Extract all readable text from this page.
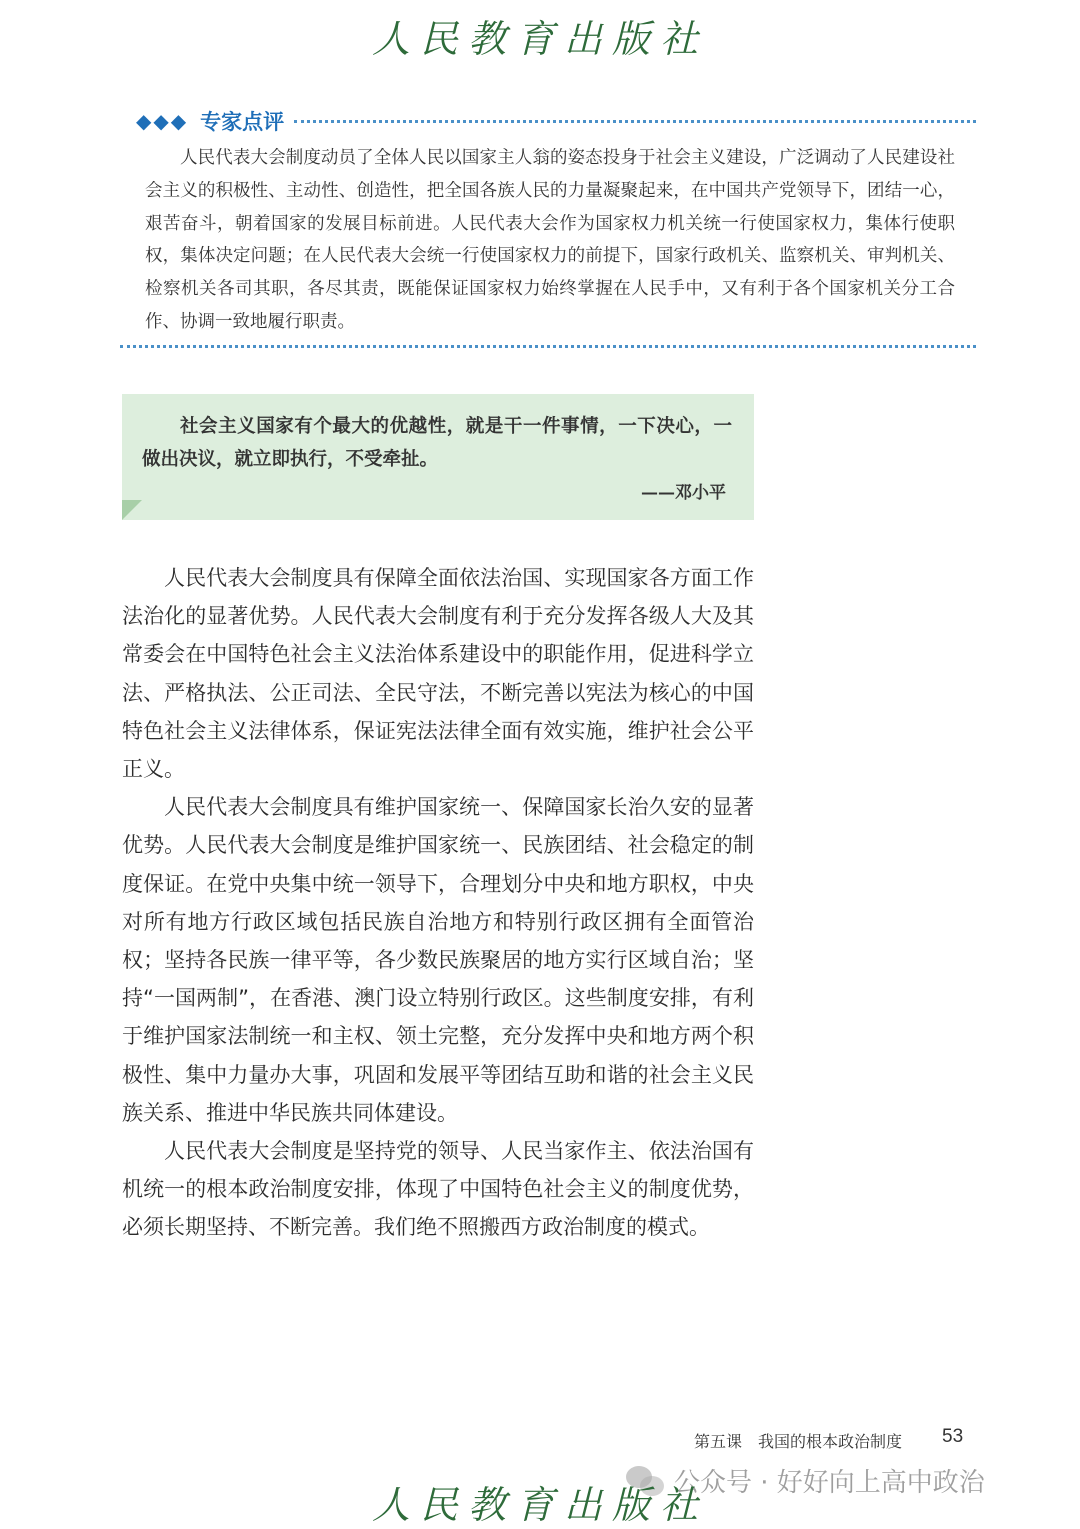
人民教育出版社
◆◆◆ 专家点评

人民代表大会制度动员了全体人民以国家主人翁的姿态投身于社会主义建设，广泛调动了人民建设社会主义的积极性、主动性、创造性，把全国各族人民的力量凝聚起来，在中国共产党领导下，团结一心，艰苦奋斗，朝着国家的发展目标前进。人民代表大会作为国家权力机关统一行使国家权力，集体行使职权，集体决定问题；在人民代表大会统一行使国家权力的前提下，国家行政机关、监察机关、审判机关、检察机关各司其职，各尽其责，既能保证国家权力始终掌握在人民手中，又有利于各个国家机关分工合作、协调一致地履行职责。

社会主义国家有个最大的优越性，就是干一件事情，一下决心，一做出决议，就立即执行，不受牵扯。

——邓小平

人民代表大会制度具有保障全面依法治国、实现国家各方面工作法治化的显著优势。人民代表大会制度有利于充分发挥各级人大及其常委会在中国特色社会主义法治体系建设中的职能作用，促进科学立法、严格执法、公正司法、全民守法，不断完善以宪法为核心的中国特色社会主义法律体系，保证宪法法律全面有效实施，维护社会公平正义。

人民代表大会制度具有维护国家统一、保障国家长治久安的显著优势。人民代表大会制度是维护国家统一、民族团结、社会稳定的制度保证。在党中央集中统一领导下，合理划分中央和地方职权，中央对所有地方行政区域包括民族自治地方和特别行政区拥有全面管治权；坚持各民族一律平等，各少数民族聚居的地方实行区域自治；坚持“一国两制”，在香港、澳门设立特别行政区。这些制度安排，有利于维护国家法制统一和主权、领土完整，充分发挥中央和地方两个积极性、集中力量办大事，巩固和发展平等团结互助和谐的社会主义民族关系、推进中华民族共同体建设。

人民代表大会制度是坚持党的领导、人民当家作主、依法治国有机统一的根本政治制度安排，体现了中国特色社会主义的制度优势，必须长期坚持、不断完善。我们绝不照搬西方政治制度的模式。

第五课　我国的根本政治制度 53
公众号 · 好好向上高中政治
人民教育出版社
